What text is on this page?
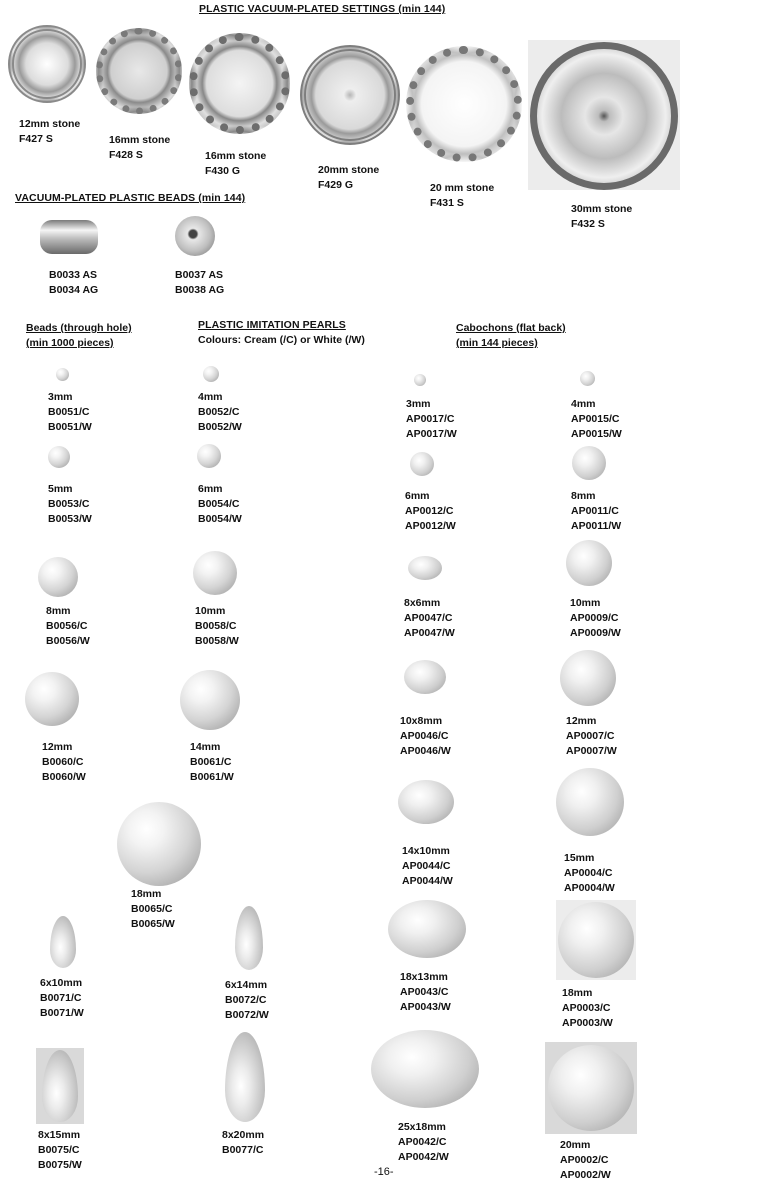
PLASTIC VACUUM-PLATED SETTINGS (min 144)
VACUUM-PLATED PLASTIC BEADS (min 144)
Beads (through hole)
(min 1000 pieces)
PLASTIC IMITATION PEARLS
Colours: Cream (/C) or White (/W)
Cabochons (flat back)
(min 144 pieces)
12mm stone
F427 S	16mm stone
F428 S	16mm stone
F430 G	20mm stone
F429 G	20 mm stone
F431 S	30mm stone
F432 S
B0033 AS
B0034 AG
B0037 AS
B0038 AG
3mm
B0051/C
B0051/W
4mm
B0052/C
B0052/W
5mm
B0053/C
B0053/W
6mm
B0054/C
B0054/W
8mm
B0056/C
B0056/W
10mm
B0058/C
B0058/W
12mm
B0060/C
B0060/W
14mm
B0061/C
B0061/W
18mm
B0065/C
B0065/W
6x10mm
B0071/C
B0071/W
6x14mm
B0072/C
B0072/W
8x15mm
B0075/C
B0075/W
8x20mm
B0077/C
3mm
AP0017/C
AP0017/W
4mm
AP0015/C
AP0015/W
6mm
AP0012/C
AP0012/W
8mm
AP0011/C
AP0011/W
8x6mm
AP0047/C
AP0047/W
10mm
AP0009/C
AP0009/W
10x8mm
AP0046/C
AP0046/W
12mm
AP0007/C
AP0007/W
14x10mm
AP0044/C
AP0044/W
15mm
AP0004/C
AP0004/W
18x13mm
AP0043/C
AP0043/W
18mm
AP0003/C
AP0003/W
25x18mm
AP0042/C
AP0042/W
20mm
AP0002/C
AP0002/W
-16-
